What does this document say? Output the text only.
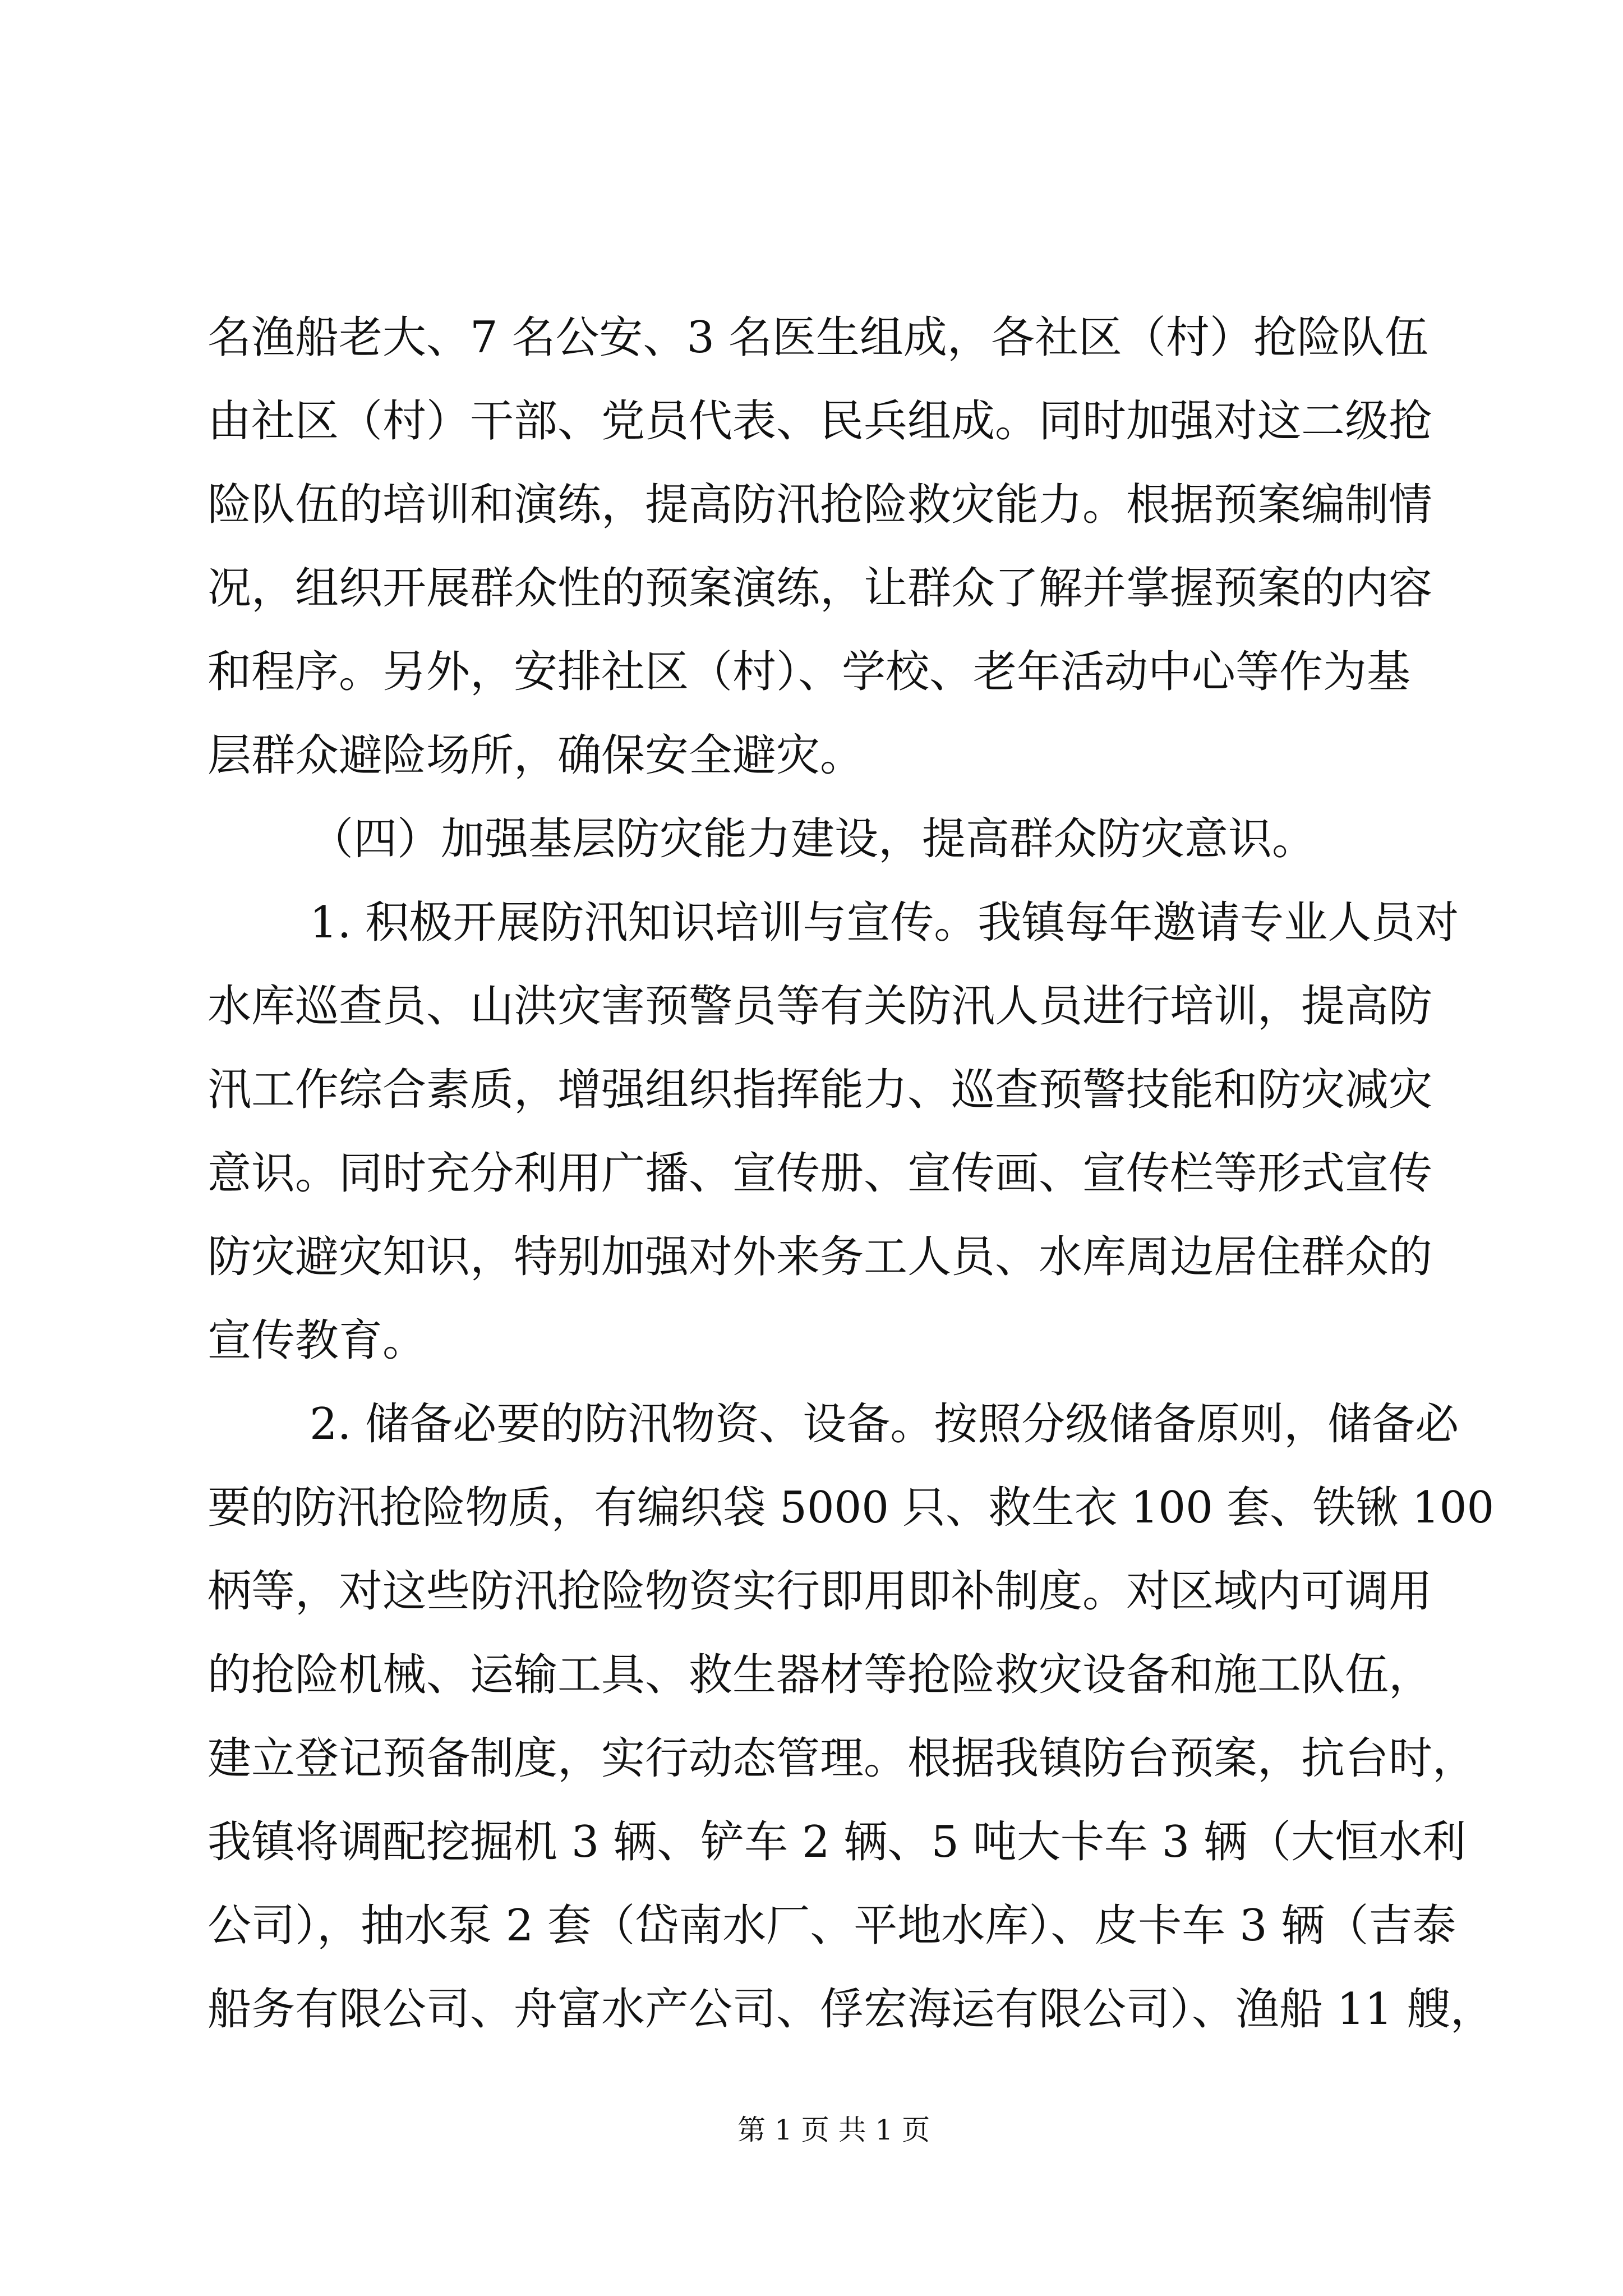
名渔船老大、7 名公安、3 名医生组成，各社区（村）抢险队伍
由社区（村）干部、党员代表、民兵组成。同时加强对这二级抢
险队伍的培训和演练，提高防汛抢险救灾能力。根据预案编制情
况，组织开展群众性的预案演练，让群众了解并掌握预案的内容
和程序。另外，安排社区（村）、学校、老年活动中心等作为基
层群众避险场所，确保安全避灾。
（四）加强基层防灾能力建设，提高群众防灾意识。
1. 积极开展防汛知识培训与宣传。我镇每年邀请专业人员对
水库巡查员、山洪灾害预警员等有关防汛人员进行培训，提高防
汛工作综合素质，增强组织指挥能力、巡查预警技能和防灾减灾
意识。同时充分利用广播、宣传册、宣传画、宣传栏等形式宣传
防灾避灾知识，特别加强对外来务工人员、水库周边居住群众的
宣传教育。
2. 储备必要的防汛物资、设备。按照分级储备原则，储备必
要的防汛抢险物质，有编织袋 5000 只、救生衣 100 套、铁锹 100
柄等，对这些防汛抢险物资实行即用即补制度。对区域内可调用
的抢险机械、运输工具、救生器材等抢险救灾设备和施工队伍，
建立登记预备制度，实行动态管理。根据我镇防台预案，抗台时，
我镇将调配挖掘机 3 辆、铲车 2 辆、5 吨大卡车 3 辆（大恒水利
公司），抽水泵 2 套（岱南水厂、平地水库）、皮卡车 3 辆（吉泰
船务有限公司、舟富水产公司、俘宏海运有限公司）、渔船 11 艘，
第 1 页 共 1 页
